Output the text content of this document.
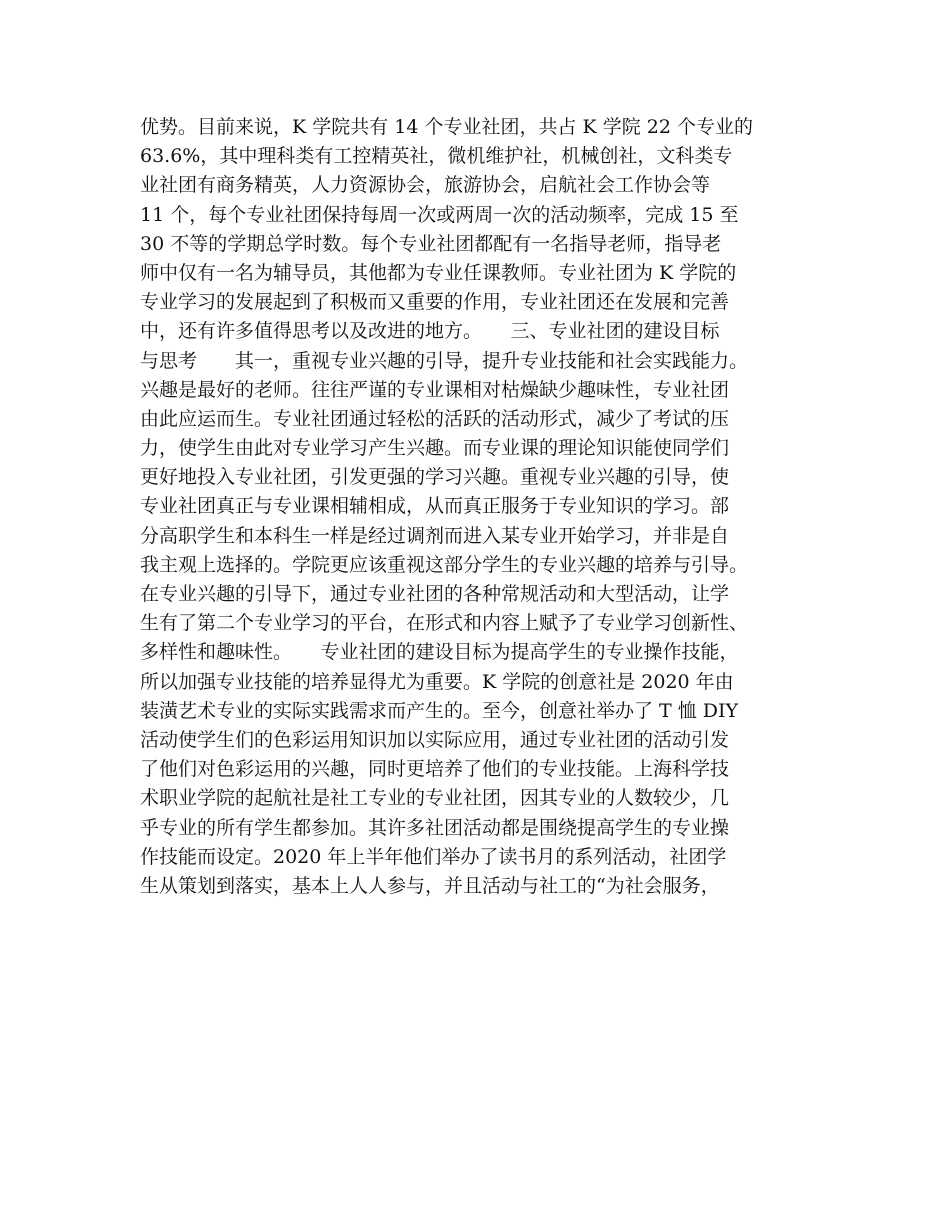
优势。目前来说，K 学院共有 14 个专业社团，共占 K 学院 22 个专业的
63.6%，其中理科类有工控精英社，微机维护社，机械创社，文科类专
业社团有商务精英，人力资源协会，旅游协会，启航社会工作协会等
11 个，每个专业社团保持每周一次或两周一次的活动频率，完成 15 至
30 不等的学期总学时数。每个专业社团都配有一名指导老师，指导老
师中仅有一名为辅导员，其他都为专业任课教师。专业社团为 K 学院的
专业学习的发展起到了积极而又重要的作用，专业社团还在发展和完善
中，还有许多值得思考以及改进的地方。　　三、专业社团的建设目标
与思考　　其一，重视专业兴趣的引导，提升专业技能和社会实践能力。
兴趣是最好的老师。往往严谨的专业课相对枯燥缺少趣味性，专业社团
由此应运而生。专业社团通过轻松的活跃的活动形式，减少了考试的压
力，使学生由此对专业学习产生兴趣。而专业课的理论知识能使同学们
更好地投入专业社团，引发更强的学习兴趣。重视专业兴趣的引导，使
专业社团真正与专业课相辅相成，从而真正服务于专业知识的学习。部
分高职学生和本科生一样是经过调剂而进入某专业开始学习，并非是自
我主观上选择的。学院更应该重视这部分学生的专业兴趣的培养与引导。
在专业兴趣的引导下，通过专业社团的各种常规活动和大型活动，让学
生有了第二个专业学习的平台，在形式和内容上赋予了专业学习创新性、
多样性和趣味性。　　专业社团的建设目标为提高学生的专业操作技能，
所以加强专业技能的培养显得尤为重要。K 学院的创意社是 2020 年由
装潢艺术专业的实际实践需求而产生的。至今，创意社举办了 T 恤 DIY
活动使学生们的色彩运用知识加以实际应用，通过专业社团的活动引发
了他们对色彩运用的兴趣，同时更培养了他们的专业技能。上海科学技
术职业学院的起航社是社工专业的专业社团，因其专业的人数较少，几
乎专业的所有学生都参加。其许多社团活动都是围绕提高学生的专业操
作技能而设定。2020 年上半年他们举办了读书月的系列活动，社团学
生从策划到落实，基本上人人参与，并且活动与社工的“为社会服务，
